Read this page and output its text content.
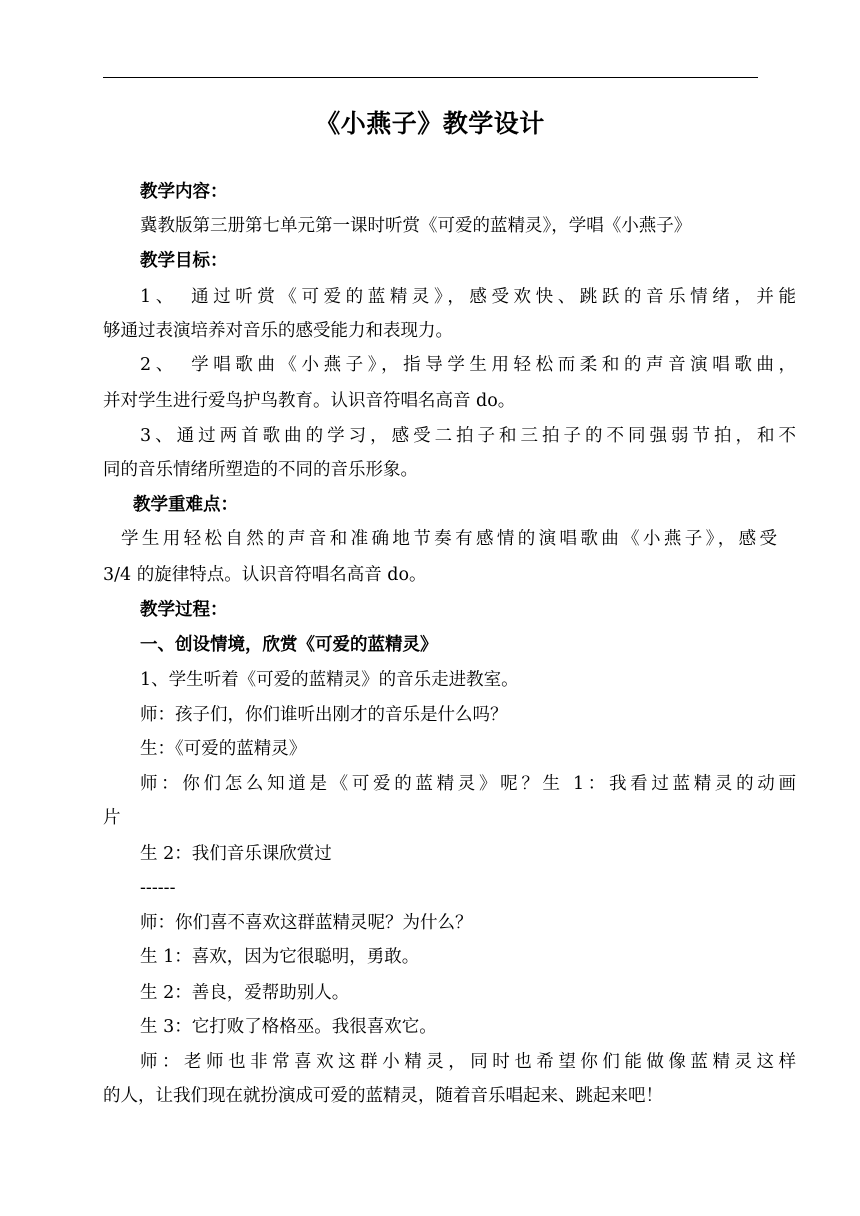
《小燕子》教学设计
教学内容：
冀教版第三册第七单元第一课时听赏《可爱的蓝精灵》，学唱《小燕子》
教学目标：
1、　通过听赏《可爱的蓝精灵》，感受欢快、跳跃的音乐情绪，并能
够通过表演培养对音乐的感受能力和表现力。
2、　学唱歌曲《小燕子》，指导学生用轻松而柔和的声音演唱歌曲，
并对学生进行爱鸟护鸟教育。认识音符唱名高音 do。
3、通过两首歌曲的学习，感受二拍子和三拍子的不同强弱节拍，和不
同的音乐情绪所塑造的不同的音乐形象。
教学重难点：
学生用轻松自然的声音和准确地节奏有感情的演唱歌曲《小燕子》，感受
3/4 的旋律特点。认识音符唱名高音 do。
教学过程：
一、创设情境，欣赏《可爱的蓝精灵》
1、学生听着《可爱的蓝精灵》的音乐走进教室。
师：孩子们，你们谁听出刚才的音乐是什么吗？
生：《可爱的蓝精灵》
师：你们怎么知道是《可爱的蓝精灵》呢？生 1：我看过蓝精灵的动画
片
生 2：我们音乐课欣赏过
------
师：你们喜不喜欢这群蓝精灵呢？为什么？
生 1：喜欢，因为它很聪明，勇敢。
生 2：善良，爱帮助别人。
生 3：它打败了格格巫。我很喜欢它。
师：老师也非常喜欢这群小精灵，同时也希望你们能做像蓝精灵这样
的人，让我们现在就扮演成可爱的蓝精灵，随着音乐唱起来、跳起来吧！
